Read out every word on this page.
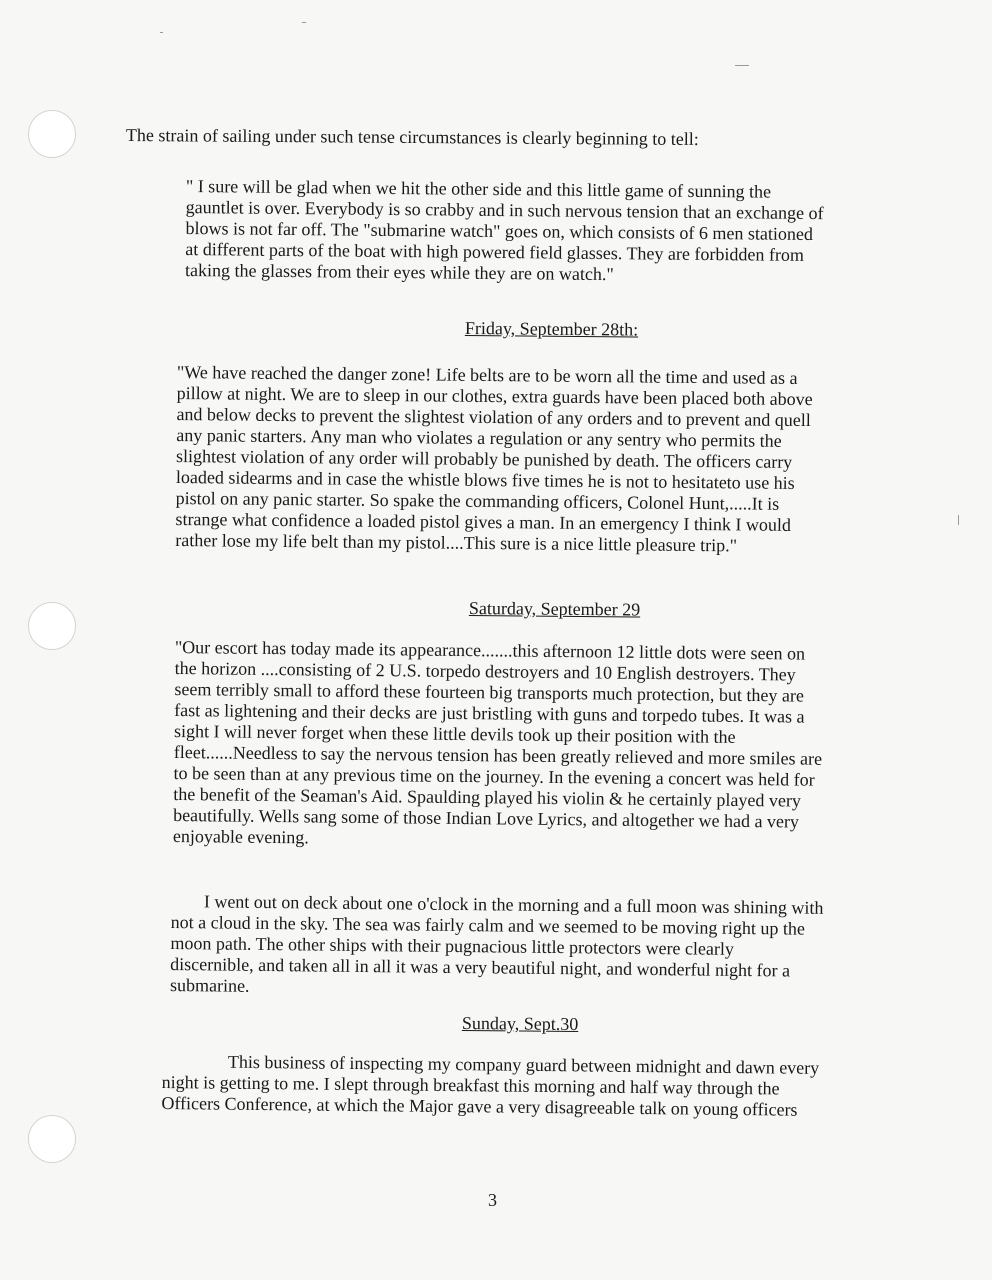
The strain of sailing under such tense circumstances is clearly beginning to tell:
" I sure will be glad when we hit the other side and this little game of sunning the
gauntlet is over. Everybody is so crabby and in such nervous tension that an exchange of
blows is not far off. The "submarine watch" goes on, which consists of 6 men stationed
at different parts of the boat with high powered field glasses. They are forbidden from
taking the glasses from their eyes while they are on watch."
Friday, September 28th:
"We have reached the danger zone! Life belts are to be worn all the time and used as a
pillow at night. We are to sleep in our clothes, extra guards have been placed both above
and below decks to prevent the slightest violation of any orders and to prevent and quell
any panic starters. Any man who violates a regulation or any sentry who permits the
slightest violation of any order will probably be punished by death. The officers carry
loaded sidearms and in case the whistle blows five times he is not to hesitateto use his
pistol on any panic starter. So spake the commanding officers, Colonel Hunt,.....It is
strange what confidence a loaded pistol gives a man. In an emergency I think I would
rather lose my life belt than my pistol....This sure is a nice little pleasure trip."
Saturday, September 29
"Our escort has today made its appearance.......this afternoon 12 little dots were seen on
the horizon ....consisting of 2 U.S. torpedo destroyers and 10 English destroyers. They
seem terribly small to afford these fourteen big transports much protection, but they are
fast as lightening and their decks are just bristling with guns and torpedo tubes. It was a
sight I will never forget when these little devils took up their position with the
fleet......Needless to say the nervous tension has been greatly relieved and more smiles are
to be seen than at any previous time on the journey. In the evening a concert was held for
the benefit of the Seaman's Aid. Spaulding played his violin & he certainly played very
beautifully. Wells sang some of those Indian Love Lyrics, and altogether we had a very
enjoyable evening.
I went out on deck about one o'clock in the morning and a full moon was shining with
not a cloud in the sky. The sea was fairly calm and we seemed to be moving right up the
moon path. The other ships with their pugnacious little protectors were clearly
discernible, and taken all in all it was a very beautiful night, and wonderful night for a
submarine.
Sunday, Sept.30
This business of inspecting my company guard between midnight and dawn every
night is getting to me. I slept through breakfast this morning and half way through the
Officers Conference, at which the Major gave a very disagreeable talk on young officers
3
